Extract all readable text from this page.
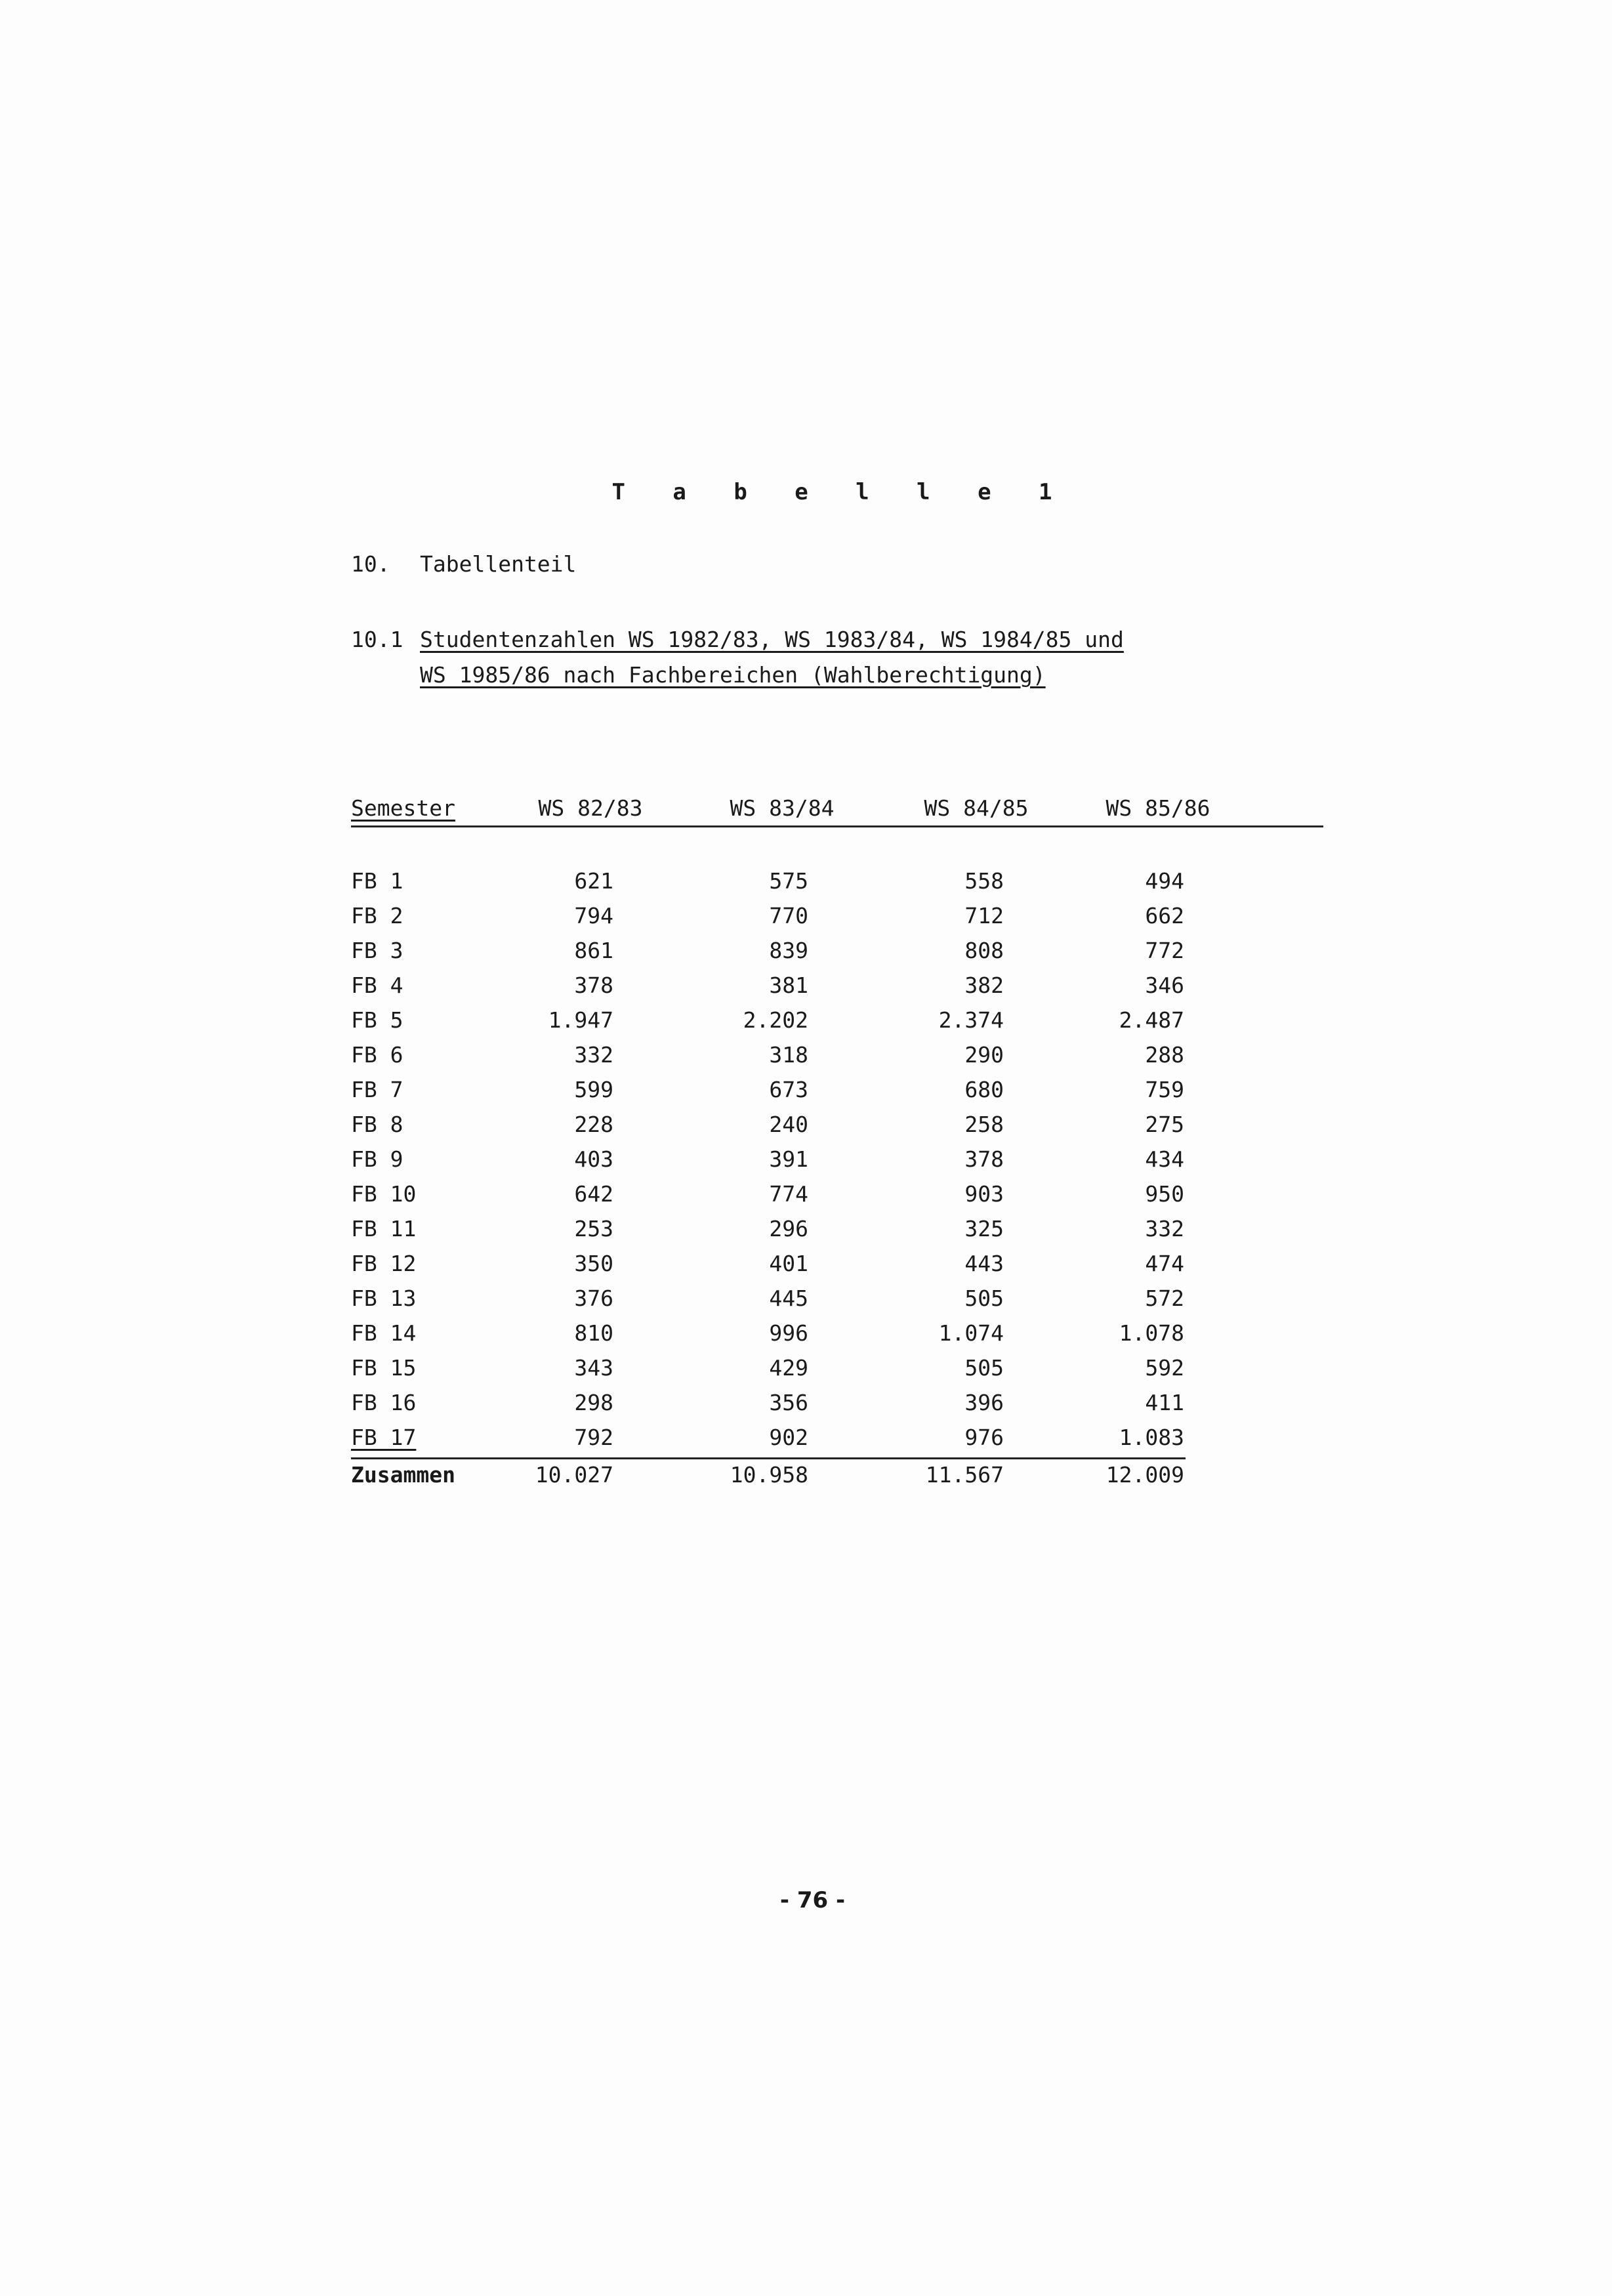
T a b e l l e 1
10. Tabellenteil
10.1 Studentenzahlen WS 1982/83, WS 1983/84, WS 1984/85 und
WS 1985/86 nach Fachbereichen (Wahlberechtigung)
Semester	WS 82/83	WS 83/84	WS 84/85	WS 85/86
FB 1	621	575	558	494
FB 2	794	770	712	662
FB 3	861	839	808	772
FB 4	378	381	382	346
FB 5	1.947	2.202	2.374	2.487
FB 6	332	318	290	288
FB 7	599	673	680	759
FB 8	228	240	258	275
FB 9	403	391	378	434
FB 10	642	774	903	950
FB 11	253	296	325	332
FB 12	350	401	443	474
FB 13	376	445	505	572
FB 14	810	996	1.074	1.078
FB 15	343	429	505	592
FB 16	298	356	396	411
FB 17	792	902	976	1.083
Zusammen	10.027	10.958	11.567	12.009
- 76 -
